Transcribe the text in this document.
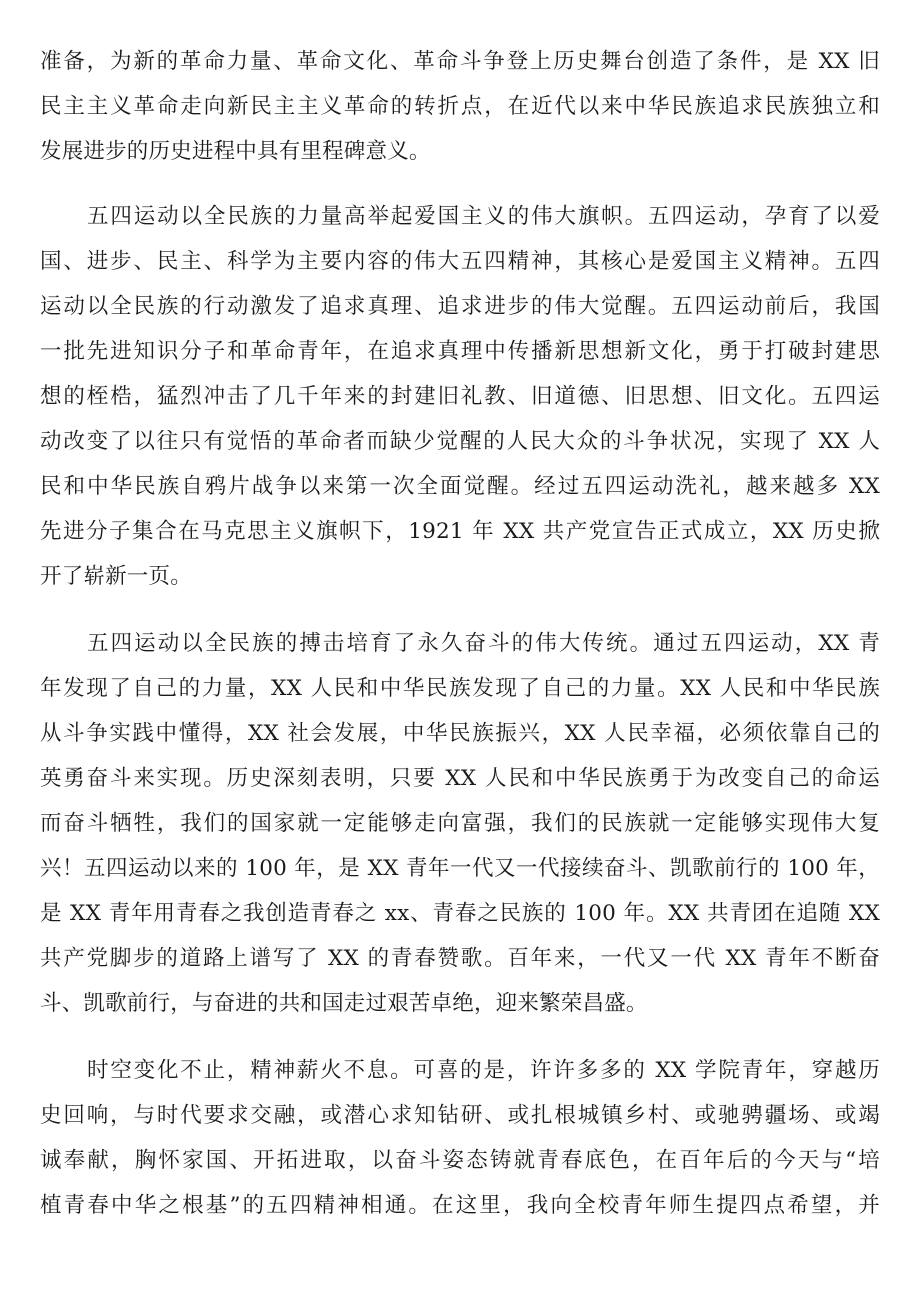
准备，为新的革命力量、革命文化、革命斗争登上历史舞台创造了条件，是 XX 旧
民主主义革命走向新民主主义革命的转折点，在近代以来中华民族追求民族独立和
发展进步的历史进程中具有里程碑意义。
五四运动以全民族的力量高举起爱国主义的伟大旗帜。五四运动，孕育了以爱
国、进步、民主、科学为主要内容的伟大五四精神，其核心是爱国主义精神。五四
运动以全民族的行动激发了追求真理、追求进步的伟大觉醒。五四运动前后，我国
一批先进知识分子和革命青年，在追求真理中传播新思想新文化，勇于打破封建思
想的桎梏，猛烈冲击了几千年来的封建旧礼教、旧道德、旧思想、旧文化。五四运
动改变了以往只有觉悟的革命者而缺少觉醒的人民大众的斗争状况，实现了 XX 人
民和中华民族自鸦片战争以来第一次全面觉醒。经过五四运动洗礼，越来越多 XX
先进分子集合在马克思主义旗帜下，1921 年 XX 共产党宣告正式成立，XX 历史掀
开了崭新一页。
五四运动以全民族的搏击培育了永久奋斗的伟大传统。通过五四运动，XX 青
年发现了自己的力量，XX 人民和中华民族发现了自己的力量。XX 人民和中华民族
从斗争实践中懂得，XX 社会发展，中华民族振兴，XX 人民幸福，必须依靠自己的
英勇奋斗来实现。历史深刻表明，只要 XX 人民和中华民族勇于为改变自己的命运
而奋斗牺牲，我们的国家就一定能够走向富强，我们的民族就一定能够实现伟大复
兴！五四运动以来的 100 年，是 XX 青年一代又一代接续奋斗、凯歌前行的 100 年，
是 XX 青年用青春之我创造青春之 xx、青春之民族的 100 年。XX 共青团在追随 XX
共产党脚步的道路上谱写了 XX 的青春赞歌。百年来，一代又一代 XX 青年不断奋
斗、凯歌前行，与奋进的共和国走过艰苦卓绝，迎来繁荣昌盛。
时空变化不止，精神薪火不息。可喜的是，许许多多的 XX 学院青年，穿越历
史回响，与时代要求交融，或潜心求知钻研、或扎根城镇乡村、或驰骋疆场、或竭
诚奉献，胸怀家国、开拓进取，以奋斗姿态铸就青春底色，在百年后的今天与“培
植青春中华之根基”的五四精神相通。在这里，我向全校青年师生提四点希望，并
